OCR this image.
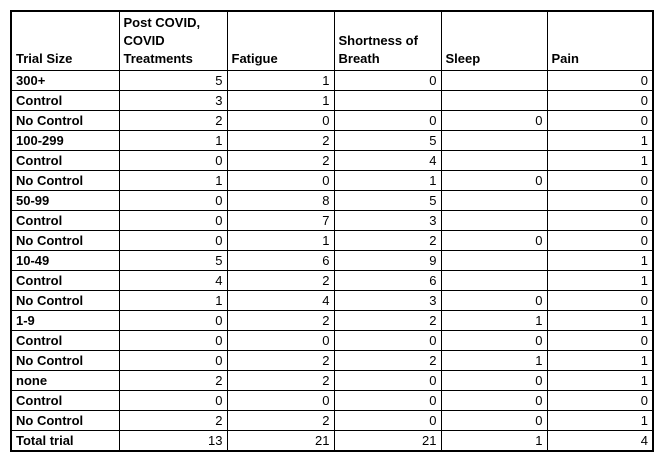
Trial Size	Post COVID, COVID Treatments	Fatigue	Shortness of Breath	Sleep	Pain
300+	5	1	0		0
Control	3	1			0
No Control	2	0	0	0	0
100-299	1	2	5		1
Control	0	2	4		1
No Control	1	0	1	0	0
50-99	0	8	5		0
Control	0	7	3		0
No Control	0	1	2	0	0
10-49	5	6	9		1
Control	4	2	6		1
No Control	1	4	3	0	0
1-9	0	2	2	1	1
Control	0	0	0	0	0
No Control	0	2	2	1	1
none	2	2	0	0	1
Control	0	0	0	0	0
No Control	2	2	0	0	1
Total trial	13	21	21	1	4
